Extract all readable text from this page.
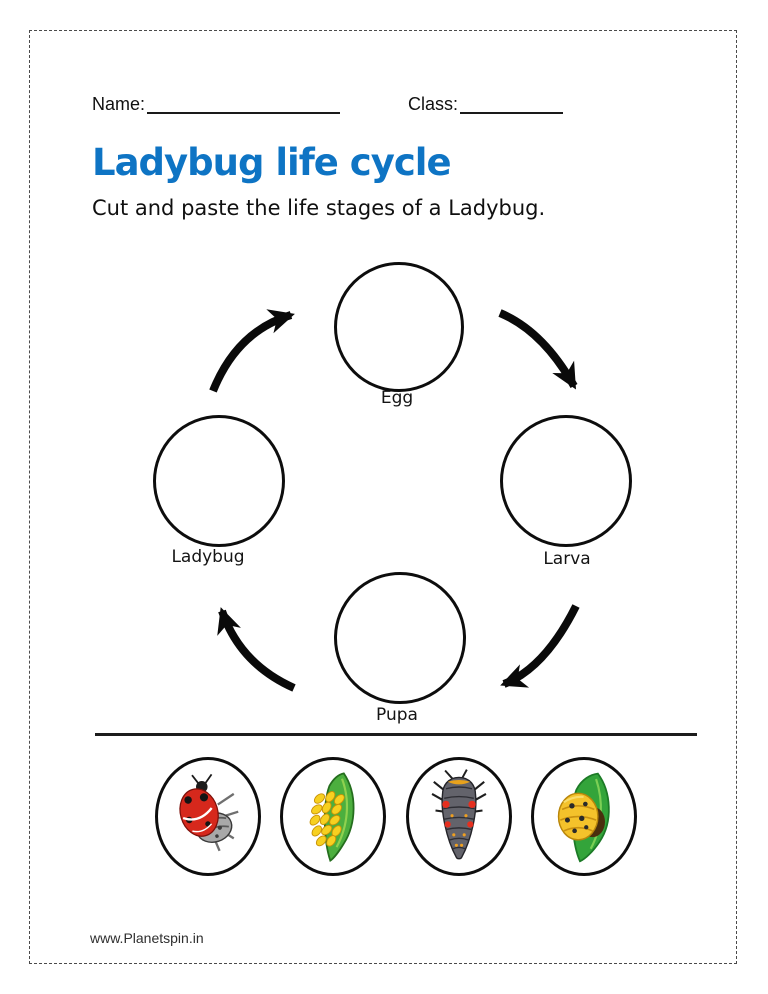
Name:	Class:
Ladybug life cycle
Cut and paste the life stages of a Ladybug.
Egg
Larva
Pupa
Ladybug
www.Planetspin.in
